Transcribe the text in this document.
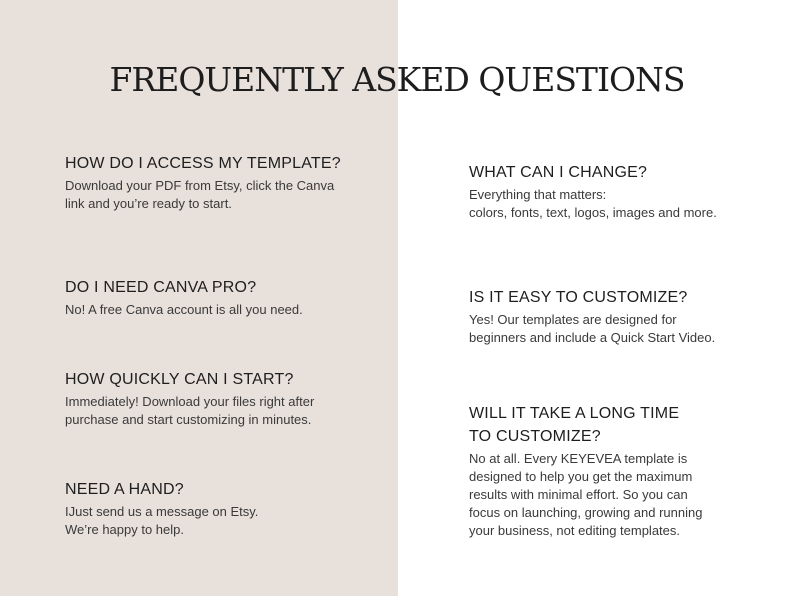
FREQUENTLY ASKED QUESTIONS

HOW DO I ACCESS MY TEMPLATE?

Download your PDF from Etsy, click the Canva
link and you’re ready to start.

DO I NEED CANVA PRO?

No! A free Canva account is all you need.

HOW QUICKLY CAN I START?

Immediately! Download your files right after
purchase and start customizing in minutes.

NEED A HAND?

IJust send us a message on Etsy.
We’re happy to help.

WHAT CAN I CHANGE?

Everything that matters:
colors, fonts, text, logos, images and more.

IS IT EASY TO CUSTOMIZE?

Yes! Our templates are designed for
beginners and include a Quick Start Video.

WILL IT TAKE A LONG TIME
TO CUSTOMIZE?

No at all. Every KEYEVEA template is
designed to help you get the maximum
results with minimal effort. So you can
focus on launching, growing and running
your business, not editing templates.
